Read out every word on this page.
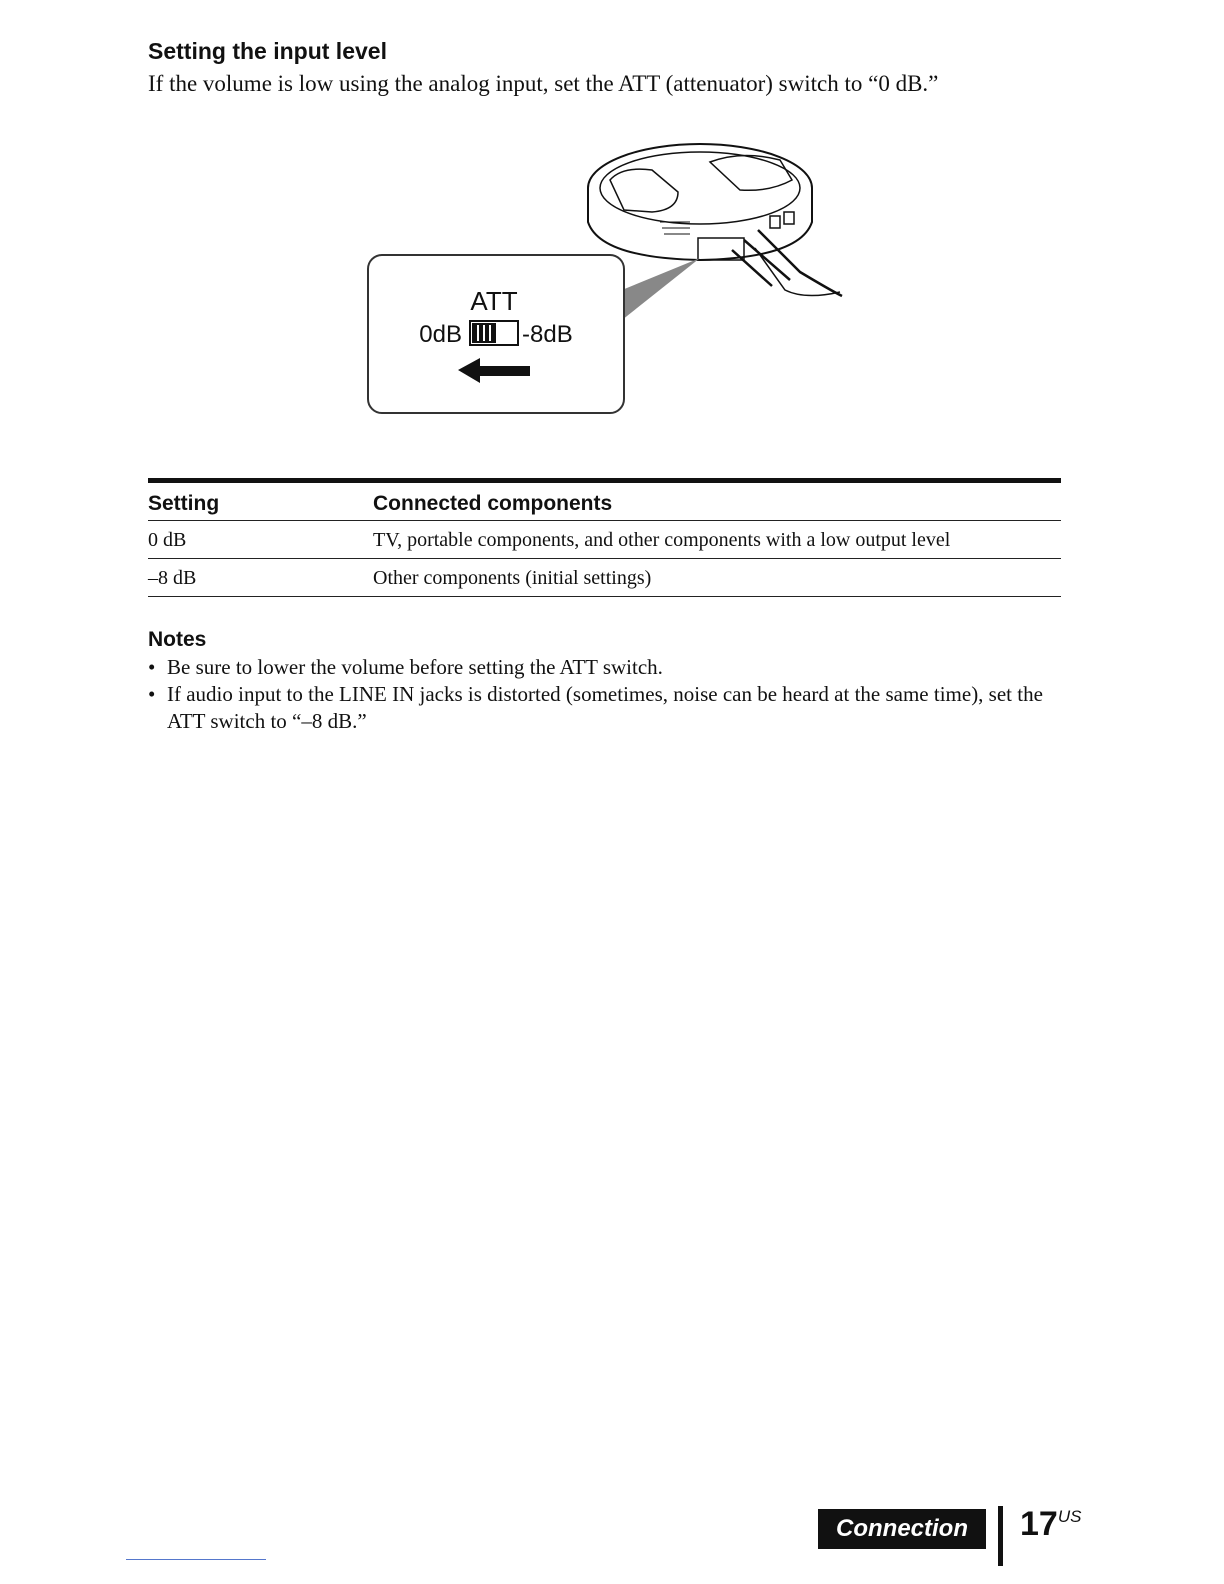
Setting the input level
If the volume is low using the analog input, set the ATT (attenuator) switch to “0 dB.”
ATT
0dB	-8dB
Setting	Connected components
0 dB	TV, portable components, and other components with a low output level
–8 dB	Other components (initial settings)
Notes
• Be sure to lower the volume before setting the ATT switch.
• If audio input to the LINE IN jacks is distorted (sometimes, noise can be heard at the same time), set the ATT switch to “–8 dB.”
Connection	$17^{US}$
